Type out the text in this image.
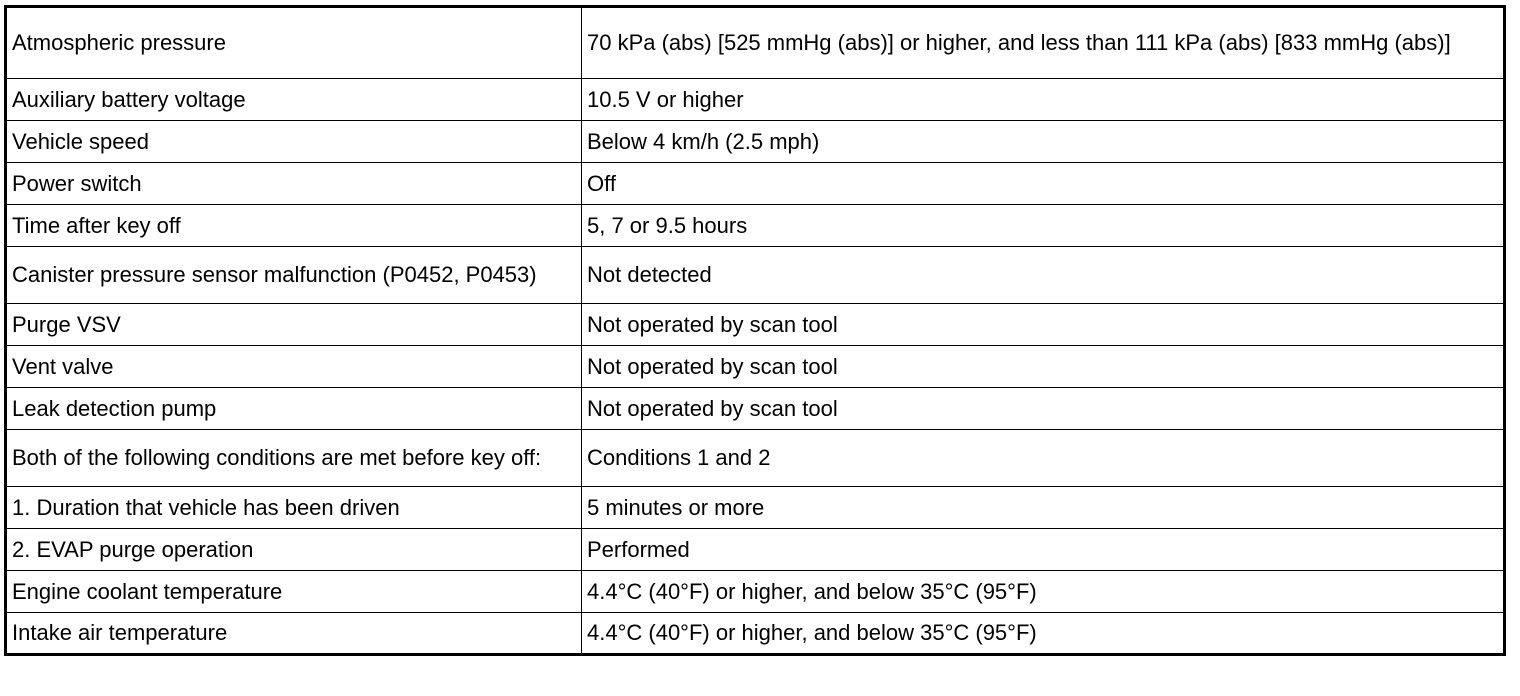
Atmospheric pressure	70 kPa (abs) [525 mmHg (abs)] or higher, and less than 111 kPa (abs) [833 mmHg (abs)]
Auxiliary battery voltage	10.5 V or higher
Vehicle speed	Below 4 km/h (2.5 mph)
Power switch	Off
Time after key off	5, 7 or 9.5 hours
Canister pressure sensor malfunction (P0452, P0453)	Not detected
Purge VSV	Not operated by scan tool
Vent valve	Not operated by scan tool
Leak detection pump	Not operated by scan tool
Both of the following conditions are met before key off:	Conditions 1 and 2
1. Duration that vehicle has been driven	5 minutes or more
2. EVAP purge operation	Performed
Engine coolant temperature	4.4°C (40°F) or higher, and below 35°C (95°F)
Intake air temperature	4.4°C (40°F) or higher, and below 35°C (95°F)
